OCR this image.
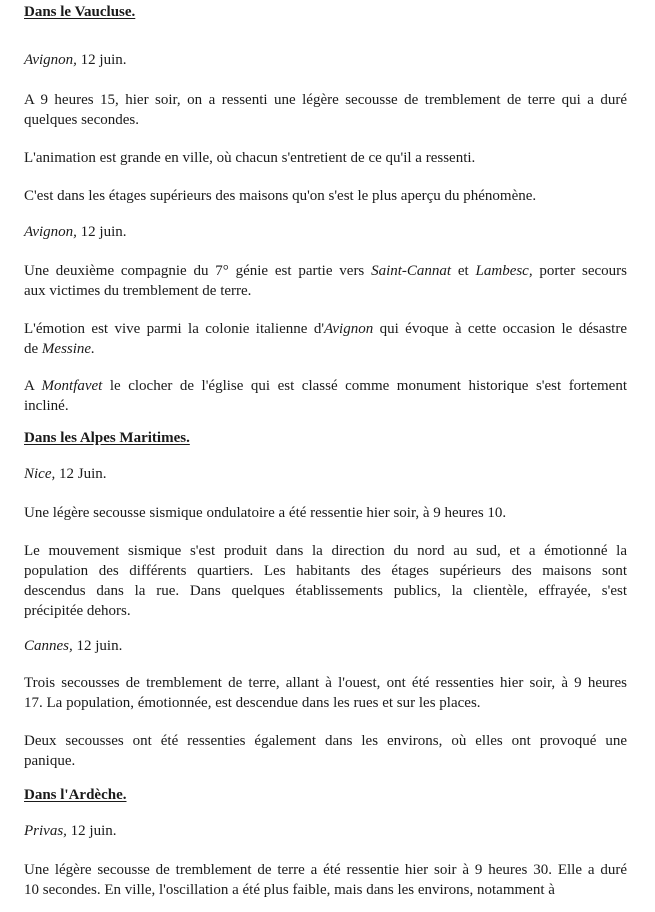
Dans le Vaucluse.

Avignon, 12 juin.

A 9 heures 15, hier soir, on a ressenti une légère secousse de tremblement de terre qui a duré
quelques secondes.
L'animation est grande en ville, où chacun s'entretient de ce qu'il a ressenti.
C'est dans les étages supérieurs des maisons qu'on s'est le plus aperçu du phénomène.

Avignon, 12 juin.

Une deuxième compagnie du 7° génie est partie vers Saint-Cannat et Lambesc, porter secours
aux victimes du tremblement de terre.
L'émotion est vive parmi la colonie italienne d'Avignon qui évoque à cette occasion le désastre
de Messine.
A Montfavet le clocher de l'église qui est classé comme monument historique s'est fortement
incliné.

Dans les Alpes Maritimes.

Nice, 12 Juin.

Une légère secousse sismique ondulatoire a été ressentie hier soir, à 9 heures 10.
Le mouvement sismique s'est produit dans la direction du nord au sud, et a émotionné la
population des différents quartiers. Les habitants des étages supérieurs des maisons sont
descendus dans la rue. Dans quelques établissements publics, la clientèle, effrayée, s'est
précipitée dehors.

Cannes, 12 juin.

Trois secousses de tremblement de terre, allant à l'ouest, ont été ressenties hier soir, à 9 heures
17. La population, émotionnée, est descendue dans les rues et sur les places.
Deux secousses ont été ressenties également dans les environs, où elles ont provoqué une
panique.

Dans l'Ardèche.

Privas, 12 juin.

Une légère secousse de tremblement de terre a été ressentie hier soir à 9 heures 30. Elle a duré
10 secondes. En ville, l'oscillation a été plus faible, mais dans les environs, notamment à
